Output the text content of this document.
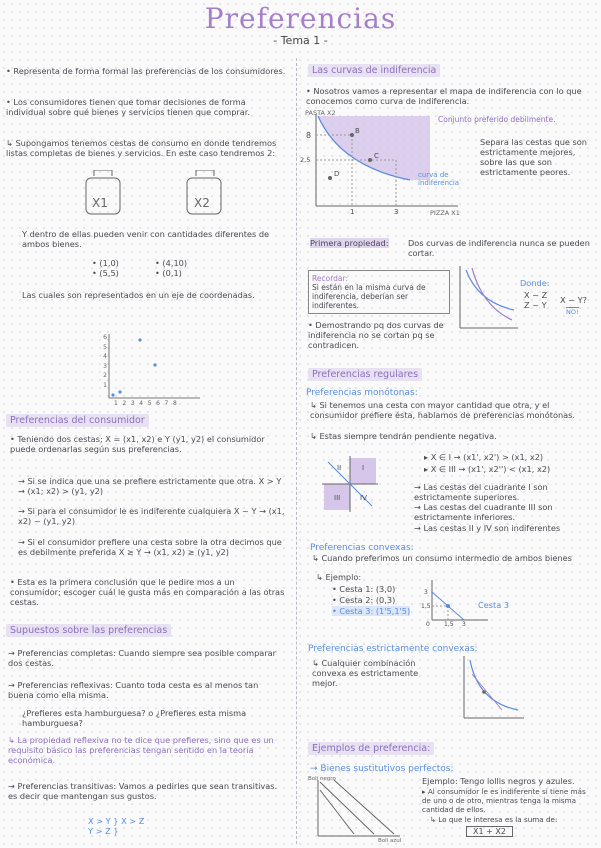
Preferencias
- Tema 1 -
• Representa de forma formal las preferencias de los consumidores.
• Los consumidores tienen que tomar decisiones de forma individual sobre qué bienes y servicios tienen que comprar.
↳ Supongamos tenemos cestas de consumo en donde tendremos listas completas de bienes y servicios. En este caso tendremos 2:
X1	X2
Y dentro de ellas pueden venir con cantidades diferentes de ambos bienes.
• (1,0)
• (5,5)
• (4,10)
• (0,1)
Las cuales son representados en un eje de coordenadas.
6
5
4
3
2
1
1 2 3 4 5 6 7 8
Preferencias del consumidor
• Teniendo dos cestas; X = (x1, x2) e Y (y1, y2) el consumidor puede ordenarlas según sus preferencias.
→ Si se indica que una se prefiere estrictamente que otra. X > Y → (x1; x2) > (y1, y2)
→ Si para el consumidor le es indiferente cualquiera X ~ Y → (x1, x2) ~ (y1, y2)
→ Si el consumidor prefiere una cesta sobre la otra decimos que es debilmente preferida X ≥ Y → (x1, x2) ≥ (y1, y2)
• Esta es la primera conclusión que le pedire mos a un consumidor; escoger cuál le gusta más en comparación a las otras cestas.
Supuestos sobre las preferencias
→ Preferencias completas: Cuando siempre sea posible comparar dos cestas.
→ Preferencias reflexivas: Cuanto toda cesta es al menos tan buena como ella misma.
¿Prefieres esta hamburguesa? o ¿Prefieres esta misma hamburguesa?
↳ La propiedad reflexiva no te dice que prefieres, sino que es un requisito básico las preferencias tengan sentido en la teoría económica.
→ Preferencias transitivas: Vamos a pedirles que sean transitivas. es decir que mantengan sus gustos.
X > Y } X > Z
Y > Z }
Las curvas de indiferencia
• Nosotros vamos a representar el mapa de indiferencia con lo que conocemos como curva de indiferencia.
PASTA X2
PIZZA X1
8
2,5
1	3
B
C
D
Conjunto preferido debilmente.
Separa las cestas que son estrictamente mejores, sobre las que son estrictamente peores.
curva de indiferencia
Primera propiedad: Dos curvas de indiferencia nunca se pueden cortar.
Recordar:
Si están en la misma curva de indiferencia, deberían ser indiferentes.
• Demostrando pq dos curvas de indiferencia no se cortan pq se contradicen.
Donde:
X ~ Z
Z ~ Y X ~ Y?
NO!
Preferencias regulares
Preferencias monótonas:
↳ Si tenemos una cesta con mayor cantidad que otra, y el consumidor prefiere ésta, hablamos de preferencias monótonas.
↳ Estas siempre tendrán pendiente negativa.
II	I
III	IV
▸ X ∈ I → (x1', x2') > (x1, x2)
▸ X ∈ III → (x1', x2'') < (x1, x2)
→ Las cestas del cuadrante I son estrictamente superiores.
→ Las cestas del cuadrante III son estrictamente inferiores.
→ Las cestas II y IV son indiferentes
Preferencias convexas:
↳ Cuando preferimos un consumo intermedio de ambos bienes
↳ Ejemplo:
• Cesta 1: (3,0)
• Cesta 2: (0,3)
• Cesta 3: (1'5,1'5)
3
1,5
0 1,5 3
Cesta 3
Preferencias estrictamente convexas:
↳ Cualquier combinación convexa es estrictamente mejor.
Ejemplos de preferencia:
→ Bienes sustitutivos perfectos:
Boli negro
Boli azul
Ejemplo: Tengo lollis negros y azules.
▸ Al consumidor le es indiferente si tiene más de uno o de otro, mientras tenga la misma cantidad de ellos.
↳ Lo que le interesa es la suma de:
X1 + X2
